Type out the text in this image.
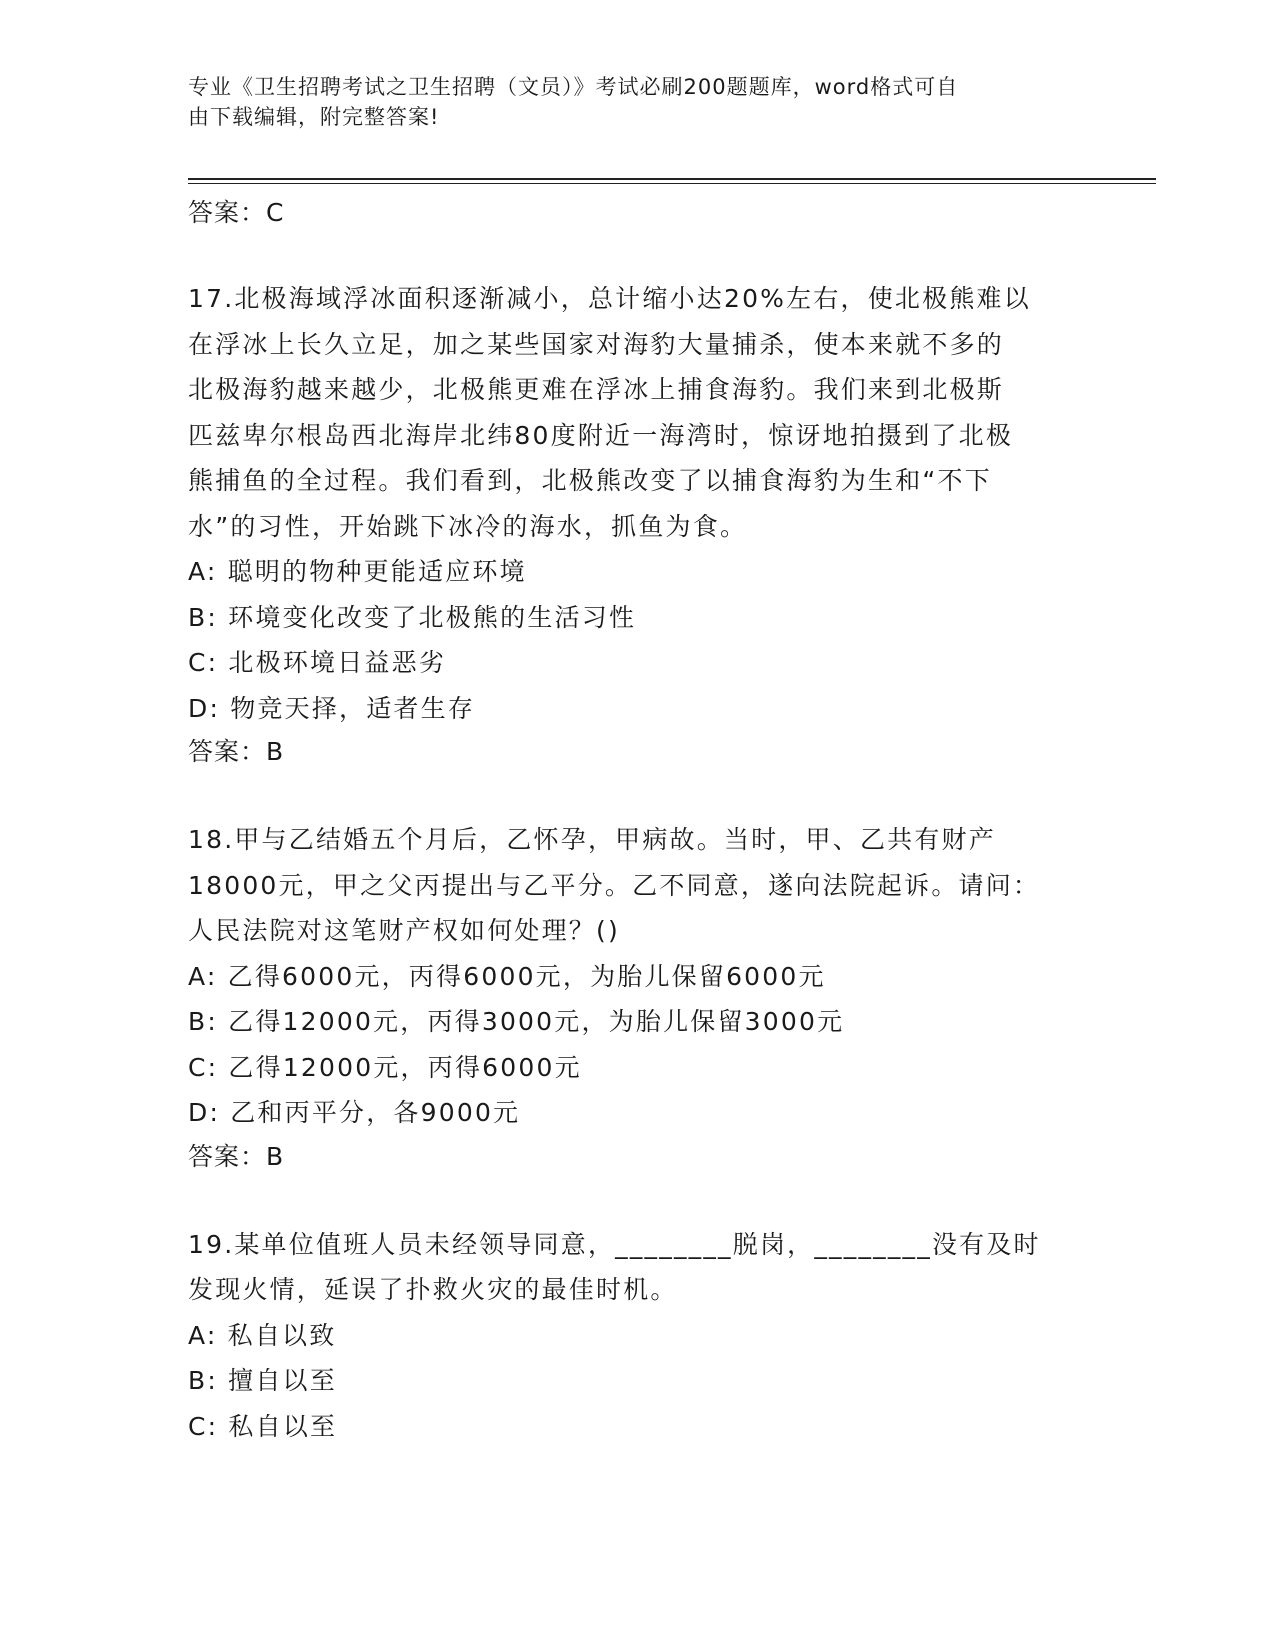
专业《卫生招聘考试之卫生招聘（文员）》考试必刷200题题库，word格式可自
由下载编辑，附完整答案!
答案：C

17.北极海域浮冰面积逐渐减小，总计缩小达20%左右，使北极熊难以

在浮冰上长久立足，加之某些国家对海豹大量捕杀，使本来就不多的

北极海豹越来越少，北极熊更难在浮冰上捕食海豹。我们来到北极斯

匹兹卑尔根岛西北海岸北纬80度附近一海湾时，惊讶地拍摄到了北极

熊捕鱼的全过程。我们看到，北极熊改变了以捕食海豹为生和“不下

水”的习性，开始跳下冰冷的海水，抓鱼为食。

A: 聪明的物种更能适应环境
B: 环境变化改变了北极熊的生活习性
C: 北极环境日益恶劣
D: 物竞天择，适者生存
答案：B

18.甲与乙结婚五个月后，乙怀孕，甲病故。当时，甲、乙共有财产

18000元，甲之父丙提出与乙平分。乙不同意，遂向法院起诉。请问：

人民法院对这笔财产权如何处理？()

A: 乙得6000元，丙得6000元，为胎儿保留6000元
B: 乙得12000元，丙得3000元，为胎儿保留3000元
C: 乙得12000元，丙得6000元
D: 乙和丙平分，各9000元
答案：B

19.某单位值班人员未经领导同意，________脱岗，________没有及时

发现火情，延误了扑救火灾的最佳时机。

A: 私自以致
B: 擅自以至
C: 私自以至
